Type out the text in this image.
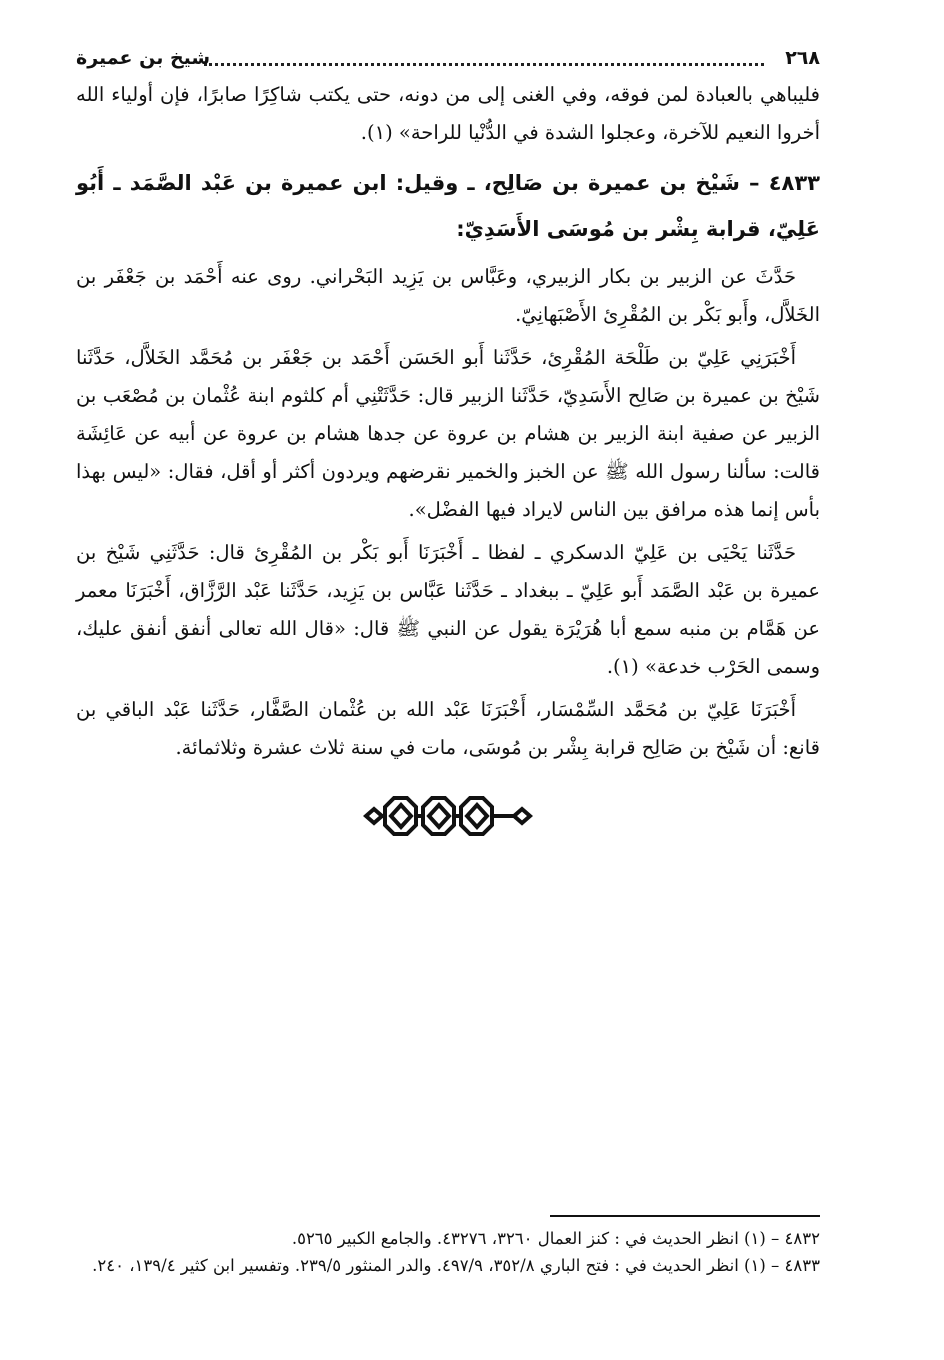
٢٦٨
شيخ بن عميرة

فليباهي بالعبادة لمن فوقه، وفي الغنى إلى من دونه، حتى يكتب شاكِرًا صابرًا، فإن أولياء الله أخروا النعيم للآخرة، وعجلوا الشدة في الدُّنْيا للراحة» (١).

٤٨٣٣ – شَيْخ بن عميرة بن صَالِح، ـ وقيل: ابن عميرة بن عَبْد الصَّمَد ـ أَبُو عَلِيّ، قرابة بِشْر بن مُوسَى الأَسَدِيّ:

حَدَّثَ عن الزبير بن بكار الزبيري، وعَبَّاس بن يَزِيد البَحْراني. روى عنه أَحْمَد بن جَعْفَر بن الخَلاَّل، وأَبو بَكْر بن المُقْرِئ الأَصْبَهانِيّ.

أَخْبَرَنِي عَلِيّ بن طَلْحَة المُقْرِئ، حَدَّثَنا أَبو الحَسَن أَحْمَد بن جَعْفَر بن مُحَمَّد الخَلاَّل، حَدَّثَنا شَيْخ بن عميرة بن صَالِح الأَسَدِيّ، حَدَّثَنا الزبير قال: حَدَّثَتْنِي أم كلثوم ابنة عُثْمان بن مُصْعَب بن الزبير عن صفية ابنة الزبير بن هشام بن عروة عن جدها هشام بن عروة عن أبيه عن عَائِشَة قالت: سألنا رسول الله ﷺ عن الخبز والخمير نقرضهم ويردون أكثر أو أقل، فقال: «ليس بهذا بأس إنما هذه مرافق بين الناس لايراد فيها الفضْل».

حَدَّثَنا يَحْيَى بن عَلِيّ الدسكري ـ لفظا ـ أَخْبَرَنَا أَبو بَكْر بن المُقْرِئ قال: حَدَّثَنِي شَيْخ بن عميرة بن عَبْد الصَّمَد أَبو عَلِيّ ـ ببغداد ـ حَدَّثَنا عَبَّاس بن يَزِيد، حَدَّثَنا عَبْد الرَّزَّاق، أَخْبَرَنَا معمر عن هَمَّام بن منبه سمع أبا هُرَيْرَة يقول عن النبي ﷺ قال: «قال الله تعالى أنفق أنفق عليك، وسمى الحَرْب خدعة» (١).

أَخْبَرَنَا عَلِيّ بن مُحَمَّد السِّمْسَار، أَخْبَرَنَا عَبْد الله بن عُثْمان الصَّفَّار، حَدَّثَنا عَبْد الباقي بن قانع: أن شَيْخ بن صَالِح قرابة بِشْر بن مُوسَى، مات في سنة ثلاث عشرة وثلاثمائة.

٤٨٣٢ – (١) انظر الحديث في : كنز العمال ٣٢٦٠، ٤٣٢٧٦. والجامع الكبير ٥٢٦٥.

٤٨٣٣ – (١) انظر الحديث في : فتح الباري ٣٥٢/٨، ٤٩٧/٩. والدر المنثور ٢٣٩/٥. وتفسير ابن كثير ١٣٩/٤، ٢٤٠.
